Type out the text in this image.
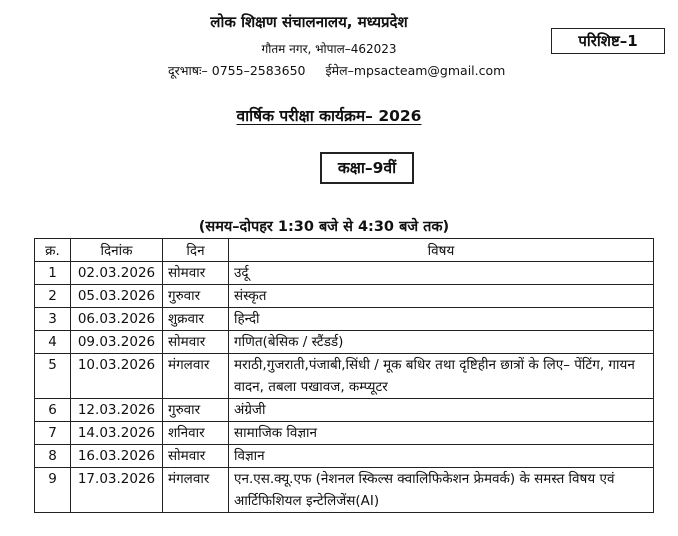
लोक शिक्षण संचालनालय, मध्यप्रदेश
गौतम नगर, भोपाल–462023
दूरभाषः– 0755–2583650 ईमेल–mpsacteam@gmail.com
परिशिष्ट–1
वार्षिक परीक्षा कार्यक्रम– 2026
कक्षा–9वीं
(समय–दोपहर 1:30 बजे से 4:30 बजे तक)
क्र.	दिनांक	दिन	विषय
1	02.03.2026	सोमवार	उर्दू
2	05.03.2026	गुरुवार	संस्कृत
3	06.03.2026	शुक्रवार	हिन्दी
4	09.03.2026	सोमवार	गणित(बेसिक / स्टैंडर्ड)
5	10.03.2026	मंगलवार	मराठी,गुजराती,पंजाबी,सिंधी / मूक बधिर तथा दृष्टिहीन छात्रों के लिए– पेंटिंग, गायन वादन, तबला पखावज, कम्प्यूटर
6	12.03.2026	गुरुवार	अंग्रेजी
7	14.03.2026	शनिवार	सामाजिक विज्ञान
8	16.03.2026	सोमवार	विज्ञान
9	17.03.2026	मंगलवार	एन.एस.क्यू.एफ (नेशनल स्किल्स क्वालिफिकेशन फ्रेमवर्क) के समस्त विषय एवं आर्टिफिशियल इन्टेलिजेंस(AI)
